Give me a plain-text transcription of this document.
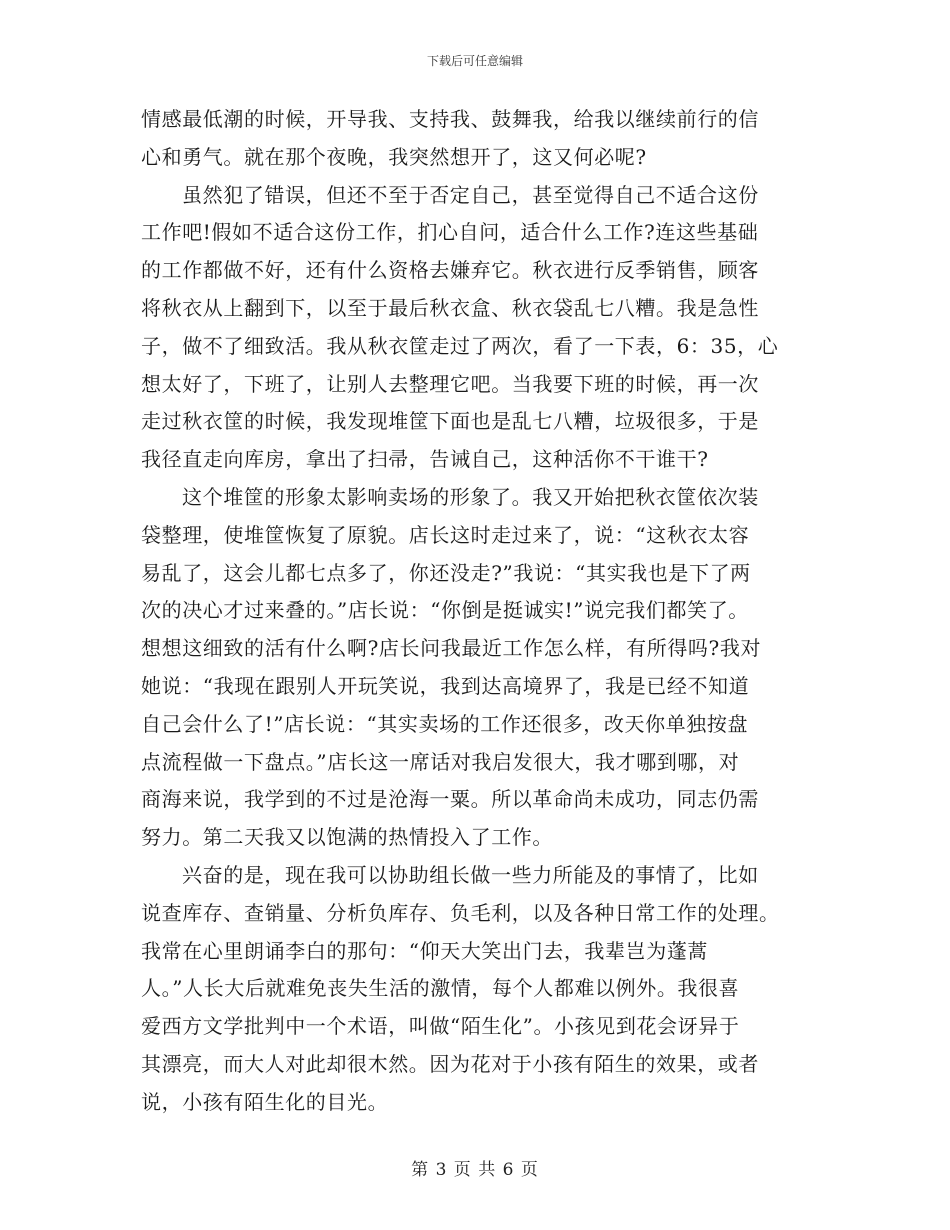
下载后可任意编辑
情感最低潮的时候，开导我、支持我、鼓舞我，给我以继续前行的信
心和勇气。就在那个夜晚，我突然想开了，这又何必呢?
虽然犯了错误，但还不至于否定自己，甚至觉得自己不适合这份
工作吧!假如不适合这份工作，扪心自问，适合什么工作?连这些基础
的工作都做不好，还有什么资格去嫌弃它。秋衣进行反季销售，顾客
将秋衣从上翻到下，以至于最后秋衣盒、秋衣袋乱七八糟。我是急性
子，做不了细致活。我从秋衣筐走过了两次，看了一下表，6：35，心
想太好了，下班了，让别人去整理它吧。当我要下班的时候，再一次
走过秋衣筐的时候，我发现堆筐下面也是乱七八糟，垃圾很多，于是
我径直走向库房，拿出了扫帚，告诫自己，这种活你不干谁干?
这个堆筐的形象太影响卖场的形象了。我又开始把秋衣筐依次装
袋整理，使堆筐恢复了原貌。店长这时走过来了，说：“这秋衣太容
易乱了，这会儿都七点多了，你还没走?”我说：“其实我也是下了两
次的决心才过来叠的。”店长说：“你倒是挺诚实!”说完我们都笑了。
想想这细致的活有什么啊?店长问我最近工作怎么样，有所得吗?我对
她说：“我现在跟别人开玩笑说，我到达高境界了，我是已经不知道
自己会什么了!”店长说：“其实卖场的工作还很多，改天你单独按盘
点流程做一下盘点。”店长这一席话对我启发很大，我才哪到哪，对
商海来说，我学到的不过是沧海一粟。所以革命尚未成功，同志仍需
努力。第二天我又以饱满的热情投入了工作。
兴奋的是，现在我可以协助组长做一些力所能及的事情了，比如
说查库存、查销量、分析负库存、负毛利，以及各种日常工作的处理。
我常在心里朗诵李白的那句：“仰天大笑出门去，我辈岂为蓬蒿
人。”人长大后就难免丧失生活的激情，每个人都难以例外。我很喜
爱西方文学批判中一个术语，叫做“陌生化”。小孩见到花会讶异于
其漂亮，而大人对此却很木然。因为花对于小孩有陌生的效果，或者
说，小孩有陌生化的目光。
第 3 页 共 6 页
